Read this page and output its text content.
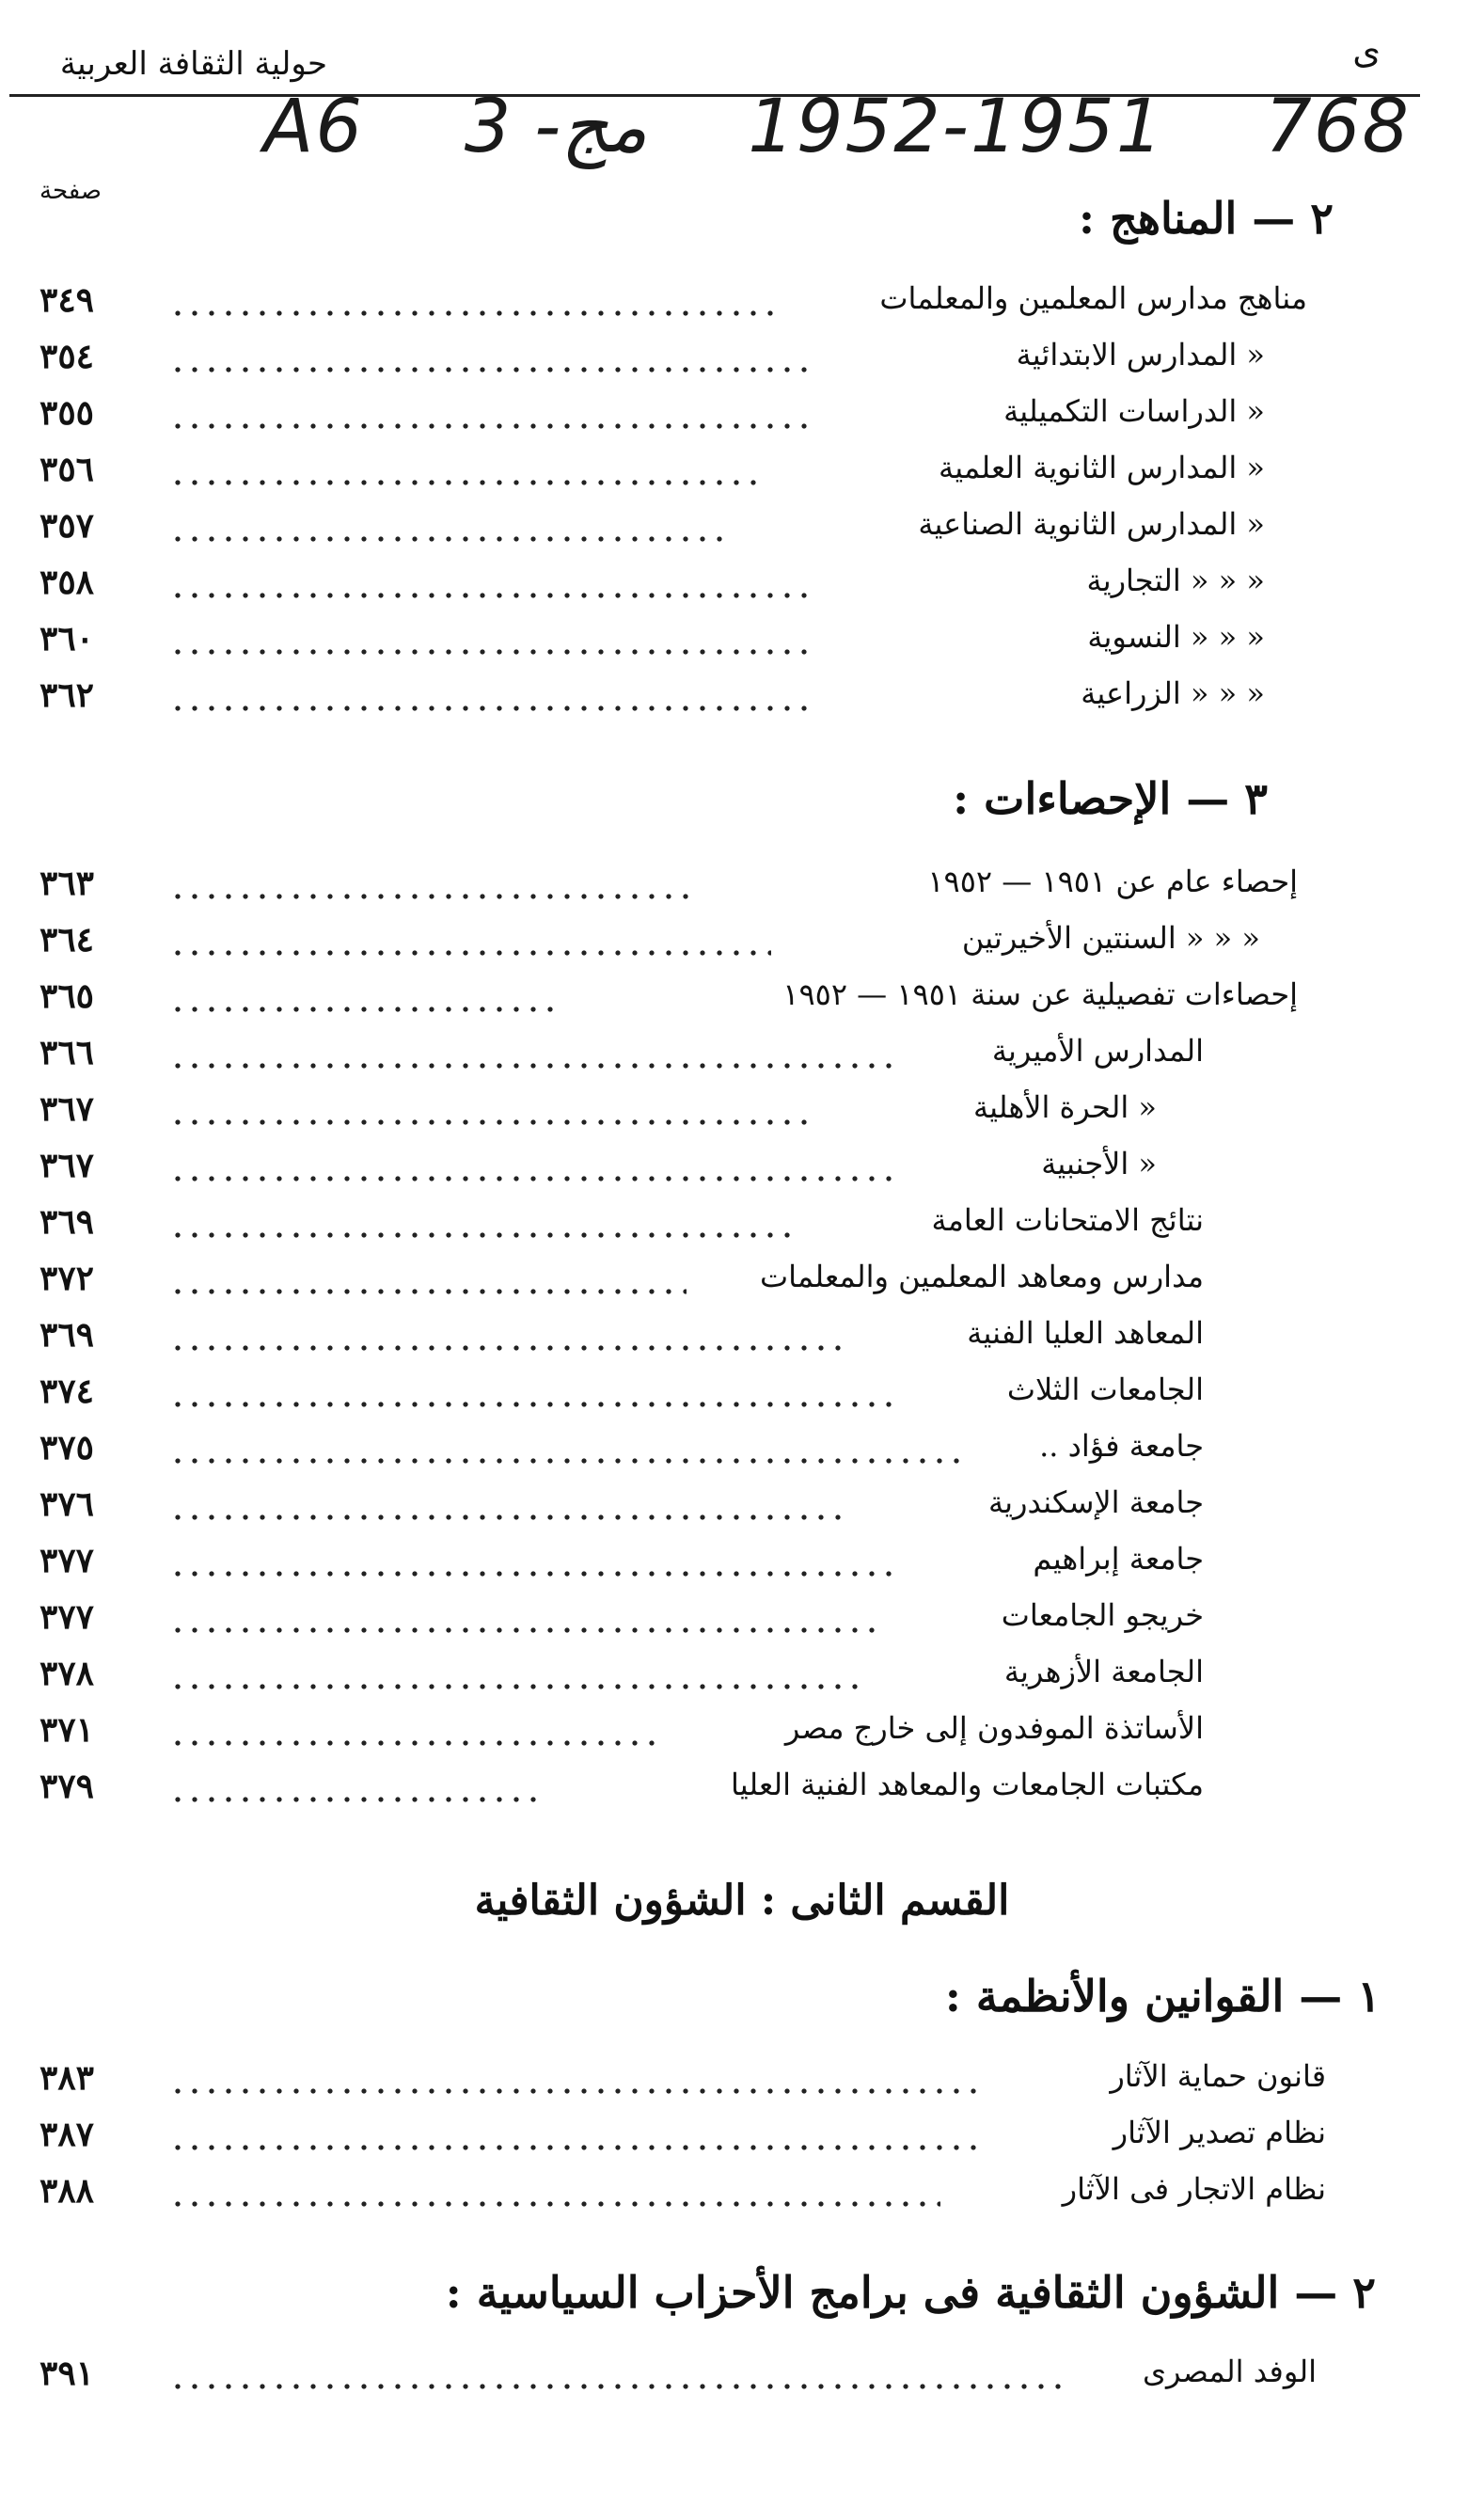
ى
حولية الثقافة العربية
A6 3 -مج 1952-1951 768
صفحة
٢ — المناهج :
مناهج مدارس المعلمين والمعلمات
٣٤٩
« المدارس الابتدائية
٣٥٤
« الدراسات التكميلية
٣٥٥
« المدارس الثانوية العلمية
٣٥٦
« المدارس الثانوية الصناعية
٣٥٧
« « « التجارية
٣٥٨
« « « النسوية
٣٦٠
« « « الزراعية
٣٦٢
٣ — الإحصاءات :
إحصاء عام عن ١٩٥١ — ١٩٥٢
٣٦٣
« « « السنتين الأخيرتين
٣٦٤
إحصاءات تفصيلية عن سنة ١٩٥١ — ١٩٥٢
٣٦٥
المدارس الأميرية
٣٦٦
« الحرة الأهلية
٣٦٧
« الأجنبية
٣٦٧
نتائج الامتحانات العامة
٣٦٩
مدارس ومعاهد المعلمين والمعلمات
٣٧٢
المعاهد العليا الفنية
٣٦٩
الجامعات الثلاث
٣٧٤
جامعة فؤاد ..
٣٧٥
جامعة الإسكندرية
٣٧٦
جامعة إبراهيم
٣٧٧
خريجو الجامعات
٣٧٧
الجامعة الأزهرية
٣٧٨
الأساتذة الموفدون إلى خارج مصر
٣٧١
مكتبات الجامعات والمعاهد الفنية العليا
٣٧٩
القسم الثانى : الشؤون الثقافية
١ — القوانين والأنظمة :
قانون حماية الآثار
٣٨٣
نظام تصدير الآثار
٣٨٧
نظام الاتجار فى الآثار
٣٨٨
٢ — الشؤون الثقافية فى برامج الأحزاب السياسية :
الوفد المصرى
٣٩١
